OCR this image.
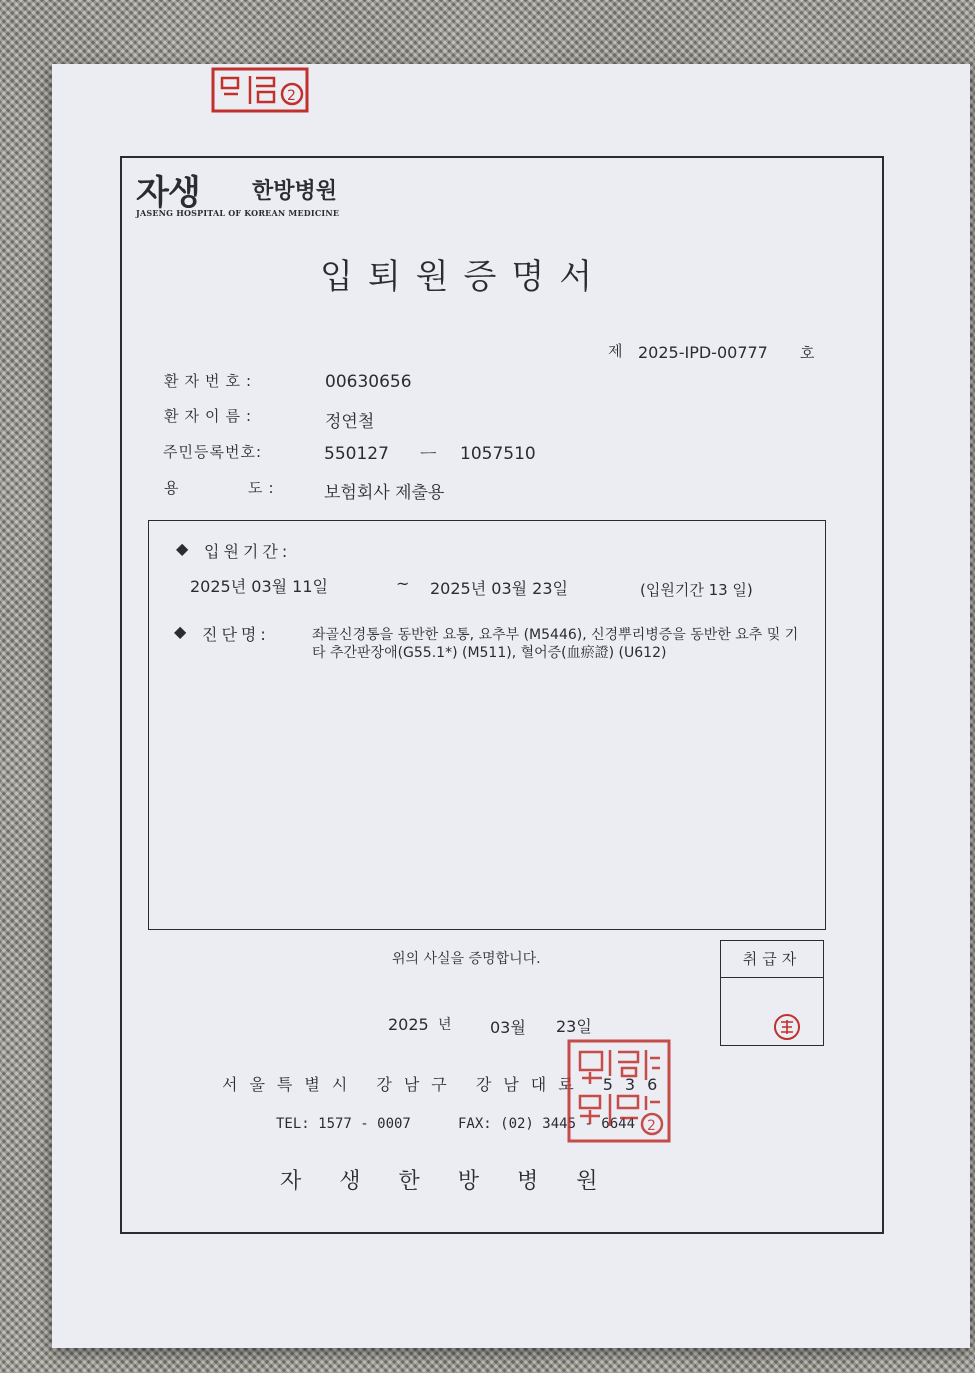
2
자생 한방병원
JASENG HOSPITAL OF KOREAN MEDICINE
입퇴원증명서
제 2025-IPD-00777 호
환자번호:	00630656
환자이름:	정연철
주민등록번호:	550127 ㅡ 1057510
용	도:	보험회사 제출용
◆ 입원기간:
2025년 03월 11일	~ 2025년 03월 23일	(입원기간 13 일)
◆ 진단명:	좌골신경통을 동반한 요통, 요추부 (M5446), 신경뿌리병증을 동반한 요추 및 기타 추간판장애(G55.1*) (M511), 혈어증(血瘀證) (U612)
위의 사실을 증명합니다.	취급자
2025 년 03월 23일
서울특별시 강남구 강남대로 536
TEL: 1577 - 0007	FAX: (02) 3445 - 6644
자생한방병원
2
